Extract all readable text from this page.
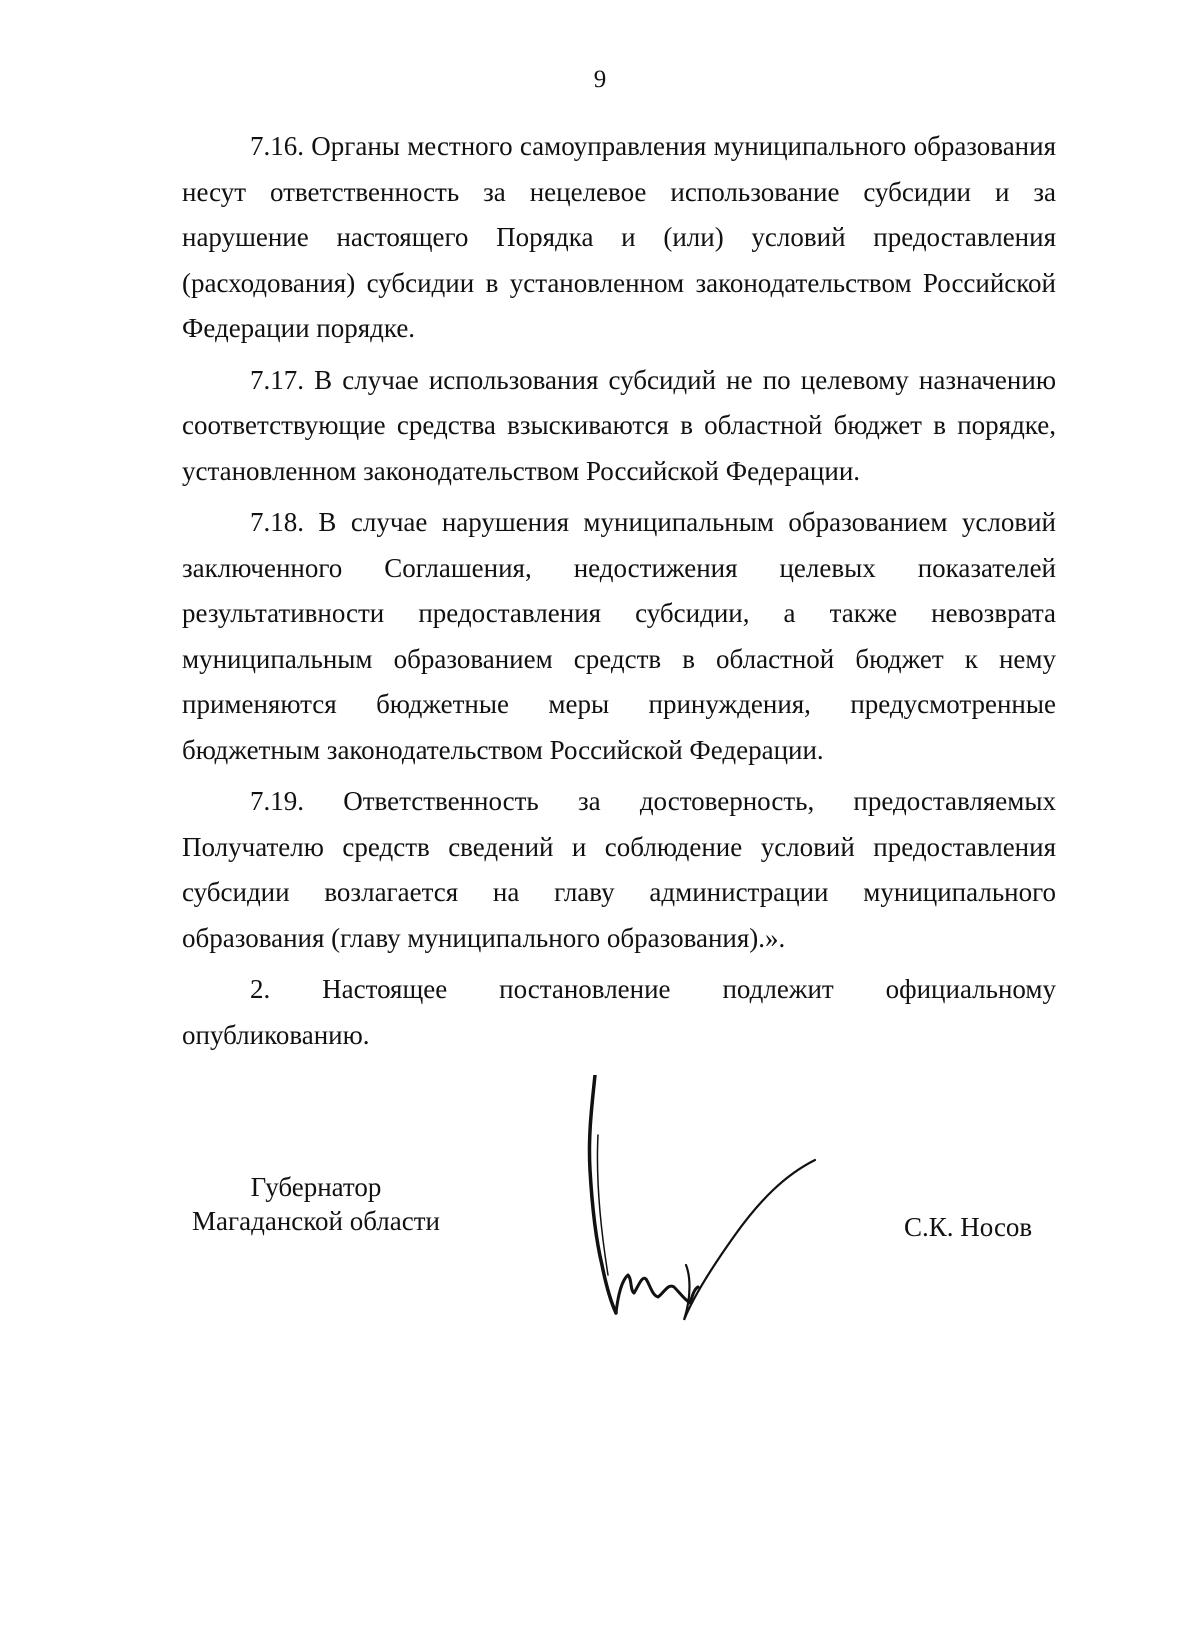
9

7.16. Органы местного самоуправления муниципального образования несут ответственность за нецелевое использование субсидии и за нарушение настоящего Порядка и (или) условий предоставления (расходования) субсидии в установленном законодательством Российской Федерации порядке.

7.17. В случае использования субсидий не по целевому назначению соответствующие средства взыскиваются в областной бюджет в порядке, установленном законодательством Российской Федерации.

7.18. В случае нарушения муниципальным образованием условий заключенного Соглашения, недостижения целевых показателей результативности предоставления субсидии, а также невозврата муниципальным образованием средств в областной бюджет к нему применяются бюджетные меры принуждения, предусмотренные бюджетным законодательством Российской Федерации.

7.19. Ответственность за достоверность, предоставляемых Получателю средств сведений и соблюдение условий предоставления субсидии возлагается на главу администрации муниципального образования (главу муниципального образования).».

2. Настоящее постановление подлежит официальному опубликованию.

Губернатор
Магаданской области	С.К. Носов
